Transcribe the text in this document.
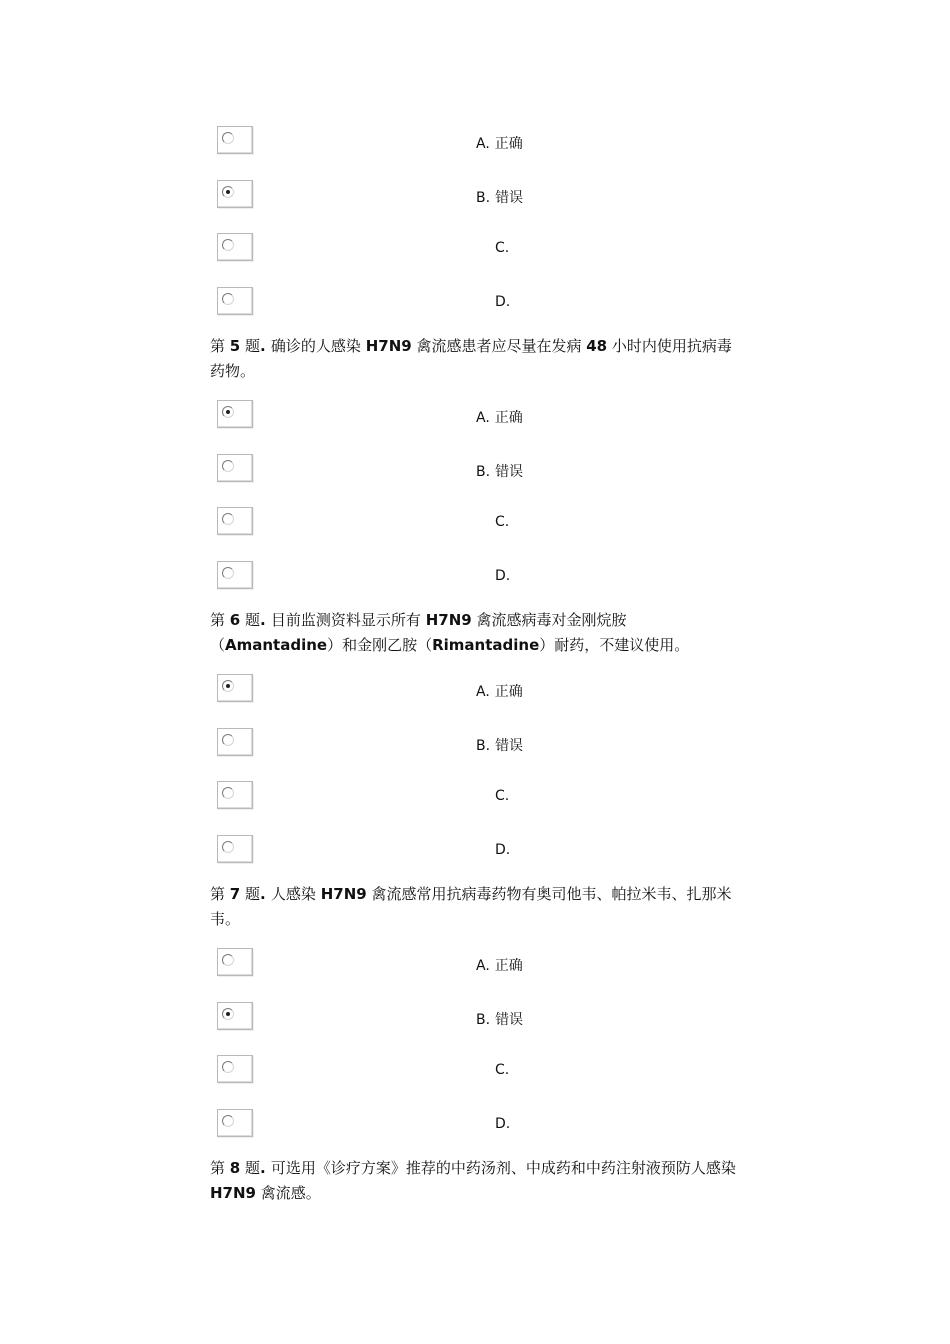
A. 正确
B. 错误
C.
D.
第 5 题. 确诊的人感染 H7N9 禽流感患者应尽量在发病 48 小时内使用抗病毒药物。
A. 正确
B. 错误
C.
D.
第 6 题. 目前监测资料显示所有 H7N9 禽流感病毒对金刚烷胺（Amantadine）和金刚乙胺（Rimantadine）耐药，不建议使用。
A. 正确
B. 错误
C.
D.
第 7 题. 人感染 H7N9 禽流感常用抗病毒药物有奥司他韦、帕拉米韦、扎那米韦。
A. 正确
B. 错误
C.
D.
第 8 题. 可选用《诊疗方案》推荐的中药汤剂、中成药和中药注射液预防人感染 H7N9 禽流感。
